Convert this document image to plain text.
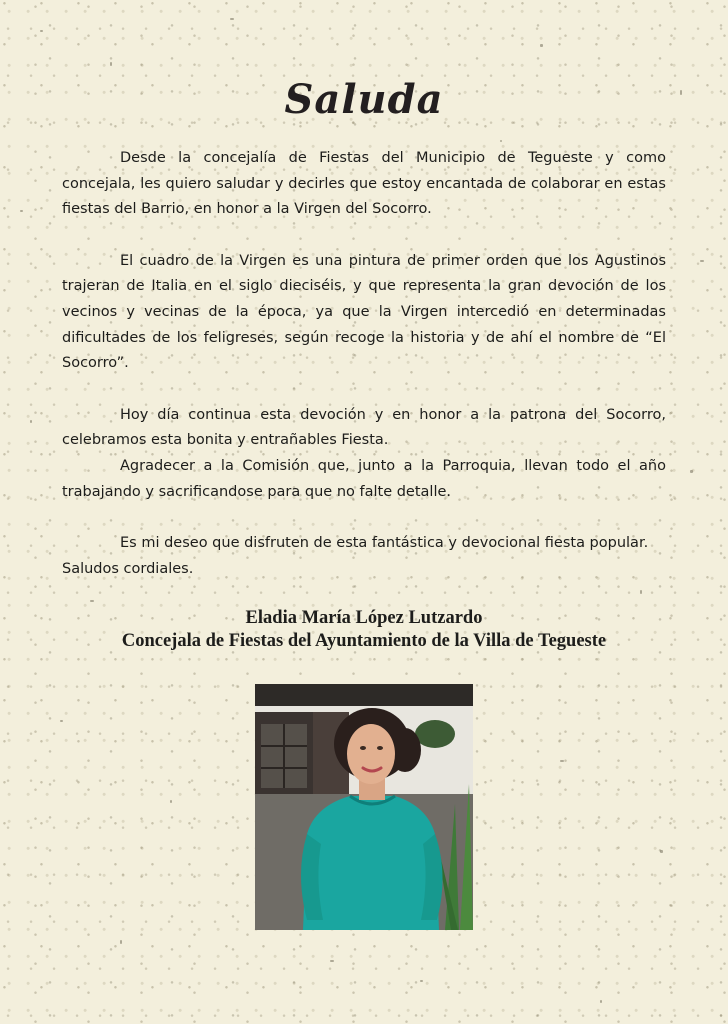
Saluda

Desde la concejalía de Fiestas del Municipio de Tegueste y como concejala, les quiero saludar y decirles que estoy encantada de colaborar en estas fiestas del Barrio, en honor a la Virgen del Socorro.

El cuadro de la Virgen es una pintura de primer orden que los Agustinos trajeran de Italia en el siglo dieciséis, y que representa la gran devoción de los vecinos y vecinas de la época, ya que la Virgen intercedió en determinadas dificultades de los feligreses, según recoge la historia y de ahí el nombre de “El Socorro”.

Hoy día continua esta devoción y en honor a la patrona del Socorro, celebramos esta bonita y entrañables Fiesta.

Agradecer a la Comisión que, junto a la Parroquia, llevan todo el año trabajando y sacrificandose para que no falte detalle.

Es mi deseo que disfruten de esta fantástica y devocional fiesta popular.

Saludos cordiales.

Eladia María López Lutzardo
Concejala de Fiestas del Ayuntamiento de la Villa de Tegueste
